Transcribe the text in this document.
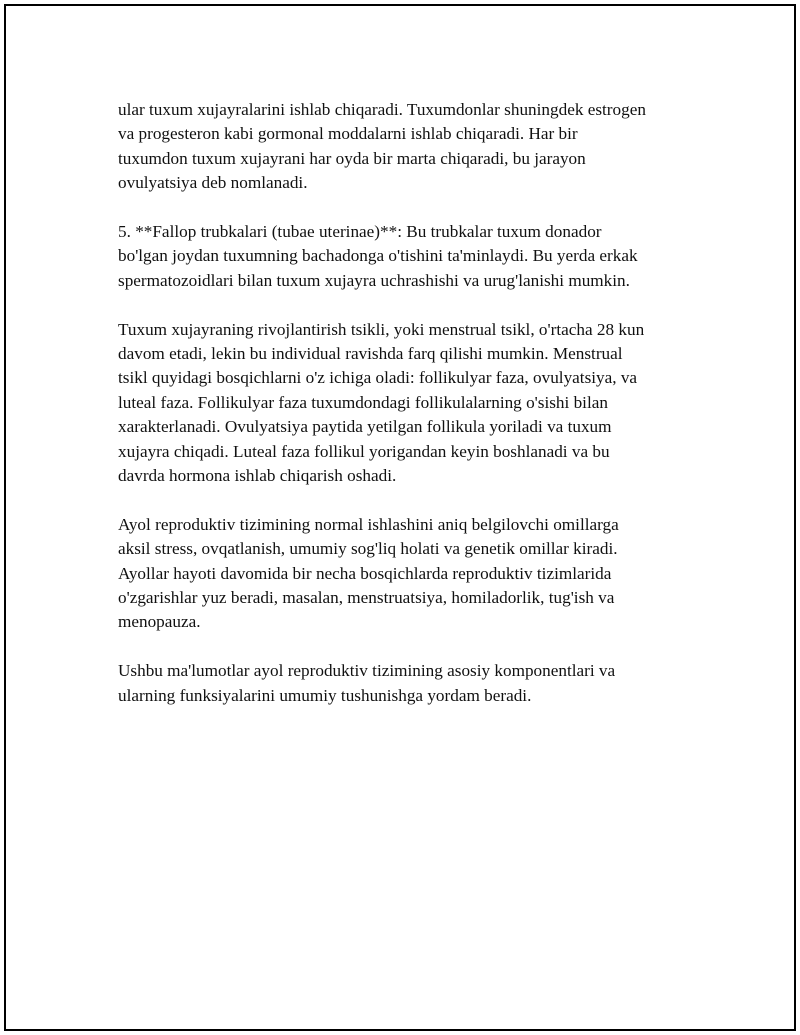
ular tuxum xujayralarini ishlab chiqaradi. Tuxumdonlar shuningdek estrogen
va progesteron kabi gormonal moddalarni ishlab chiqaradi. Har bir
tuxumdon tuxum xujayrani har oyda bir marta chiqaradi, bu jarayon
ovulyatsiya deb nomlanadi.

5. **Fallop trubkalari (tubae uterinae)**: Bu trubkalar tuxum donador
bo'lgan joydan tuxumning bachadonga o'tishini ta'minlaydi. Bu yerda erkak
spermatozoidlari bilan tuxum xujayra uchrashishi va urug'lanishi mumkin.

Tuxum xujayraning rivojlantirish tsikli, yoki menstrual tsikl, o'rtacha 28 kun
davom etadi, lekin bu individual ravishda farq qilishi mumkin. Menstrual
tsikl quyidagi bosqichlarni o'z ichiga oladi: follikulyar faza, ovulyatsiya, va
luteal faza. Follikulyar faza tuxumdondagi follikulalarning o'sishi bilan
xarakterlanadi. Ovulyatsiya paytida yetilgan follikula yoriladi va tuxum
xujayra chiqadi. Luteal faza follikul yorigandan keyin boshlanadi va bu
davrda hormona ishlab chiqarish oshadi.

Ayol reproduktiv tizimining normal ishlashini aniq belgilovchi omillarga
aksil stress, ovqatlanish, umumiy sog'liq holati va genetik omillar kiradi.
Ayollar hayoti davomida bir necha bosqichlarda reproduktiv tizimlarida
o'zgarishlar yuz beradi, masalan, menstruatsiya, homiladorlik, tug'ish va
menopauza.

Ushbu ma'lumotlar ayol reproduktiv tizimining asosiy komponentlari va
ularning funksiyalarini umumiy tushunishga yordam beradi.
